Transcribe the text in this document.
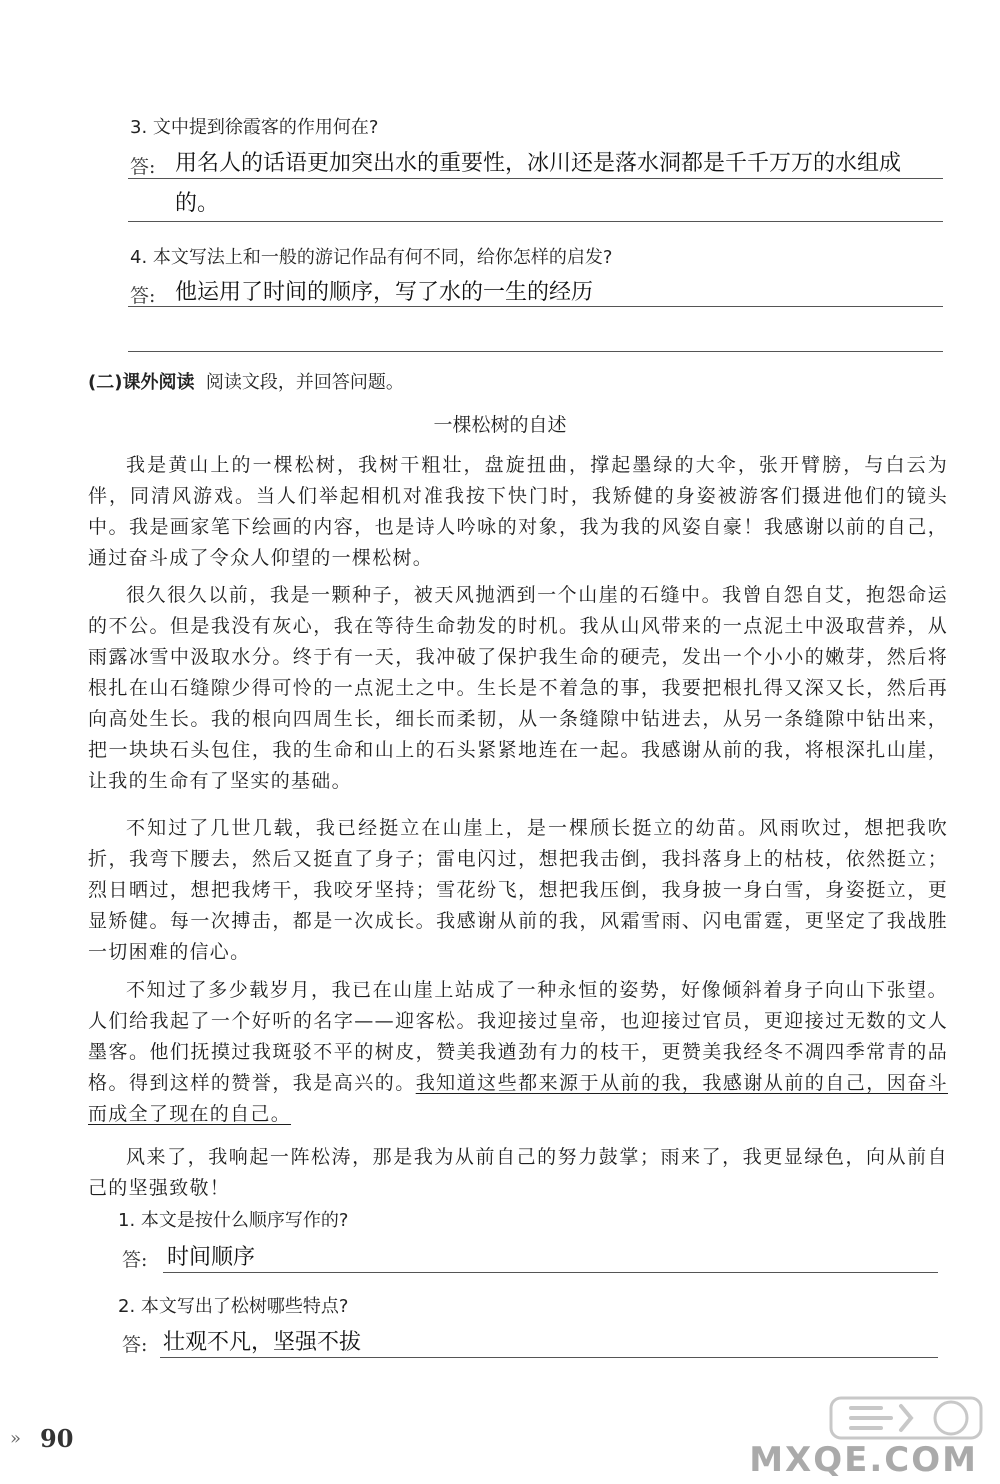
3. 文中提到徐霞客的作用何在?
答: 用名人的话语更加突出水的重要性，冰川还是落水洞都是千千万万的水组成
的。
4. 本文写法上和一般的游记作品有何不同，给你怎样的启发?
答: 他运用了时间的顺序，写了水的一生的经历
(二)课外阅读 阅读文段，并回答问题。
一棵松树的自述
我是黄山上的一棵松树，我树干粗壮，盘旋扭曲，撑起墨绿的大伞，张开臂膀，与白云为伴，同清风游戏。当人们举起相机对准我按下快门时，我矫健的身姿被游客们摄进他们的镜头中。我是画家笔下绘画的内容，也是诗人吟咏的对象，我为我的风姿自豪！我感谢以前的自己，通过奋斗成了令众人仰望的一棵松树。
很久很久以前，我是一颗种子，被天风抛洒到一个山崖的石缝中。我曾自怨自艾，抱怨命运的不公。但是我没有灰心，我在等待生命勃发的时机。我从山风带来的一点泥土中汲取营养，从雨露冰雪中汲取水分。终于有一天，我冲破了保护我生命的硬壳，发出一个小小的嫩芽，然后将根扎在山石缝隙少得可怜的一点泥土之中。生长是不着急的事，我要把根扎得又深又长，然后再向高处生长。我的根向四周生长，细长而柔韧，从一条缝隙中钻进去，从另一条缝隙中钻出来，把一块块石头包住，我的生命和山上的石头紧紧地连在一起。我感谢从前的我，将根深扎山崖，让我的生命有了坚实的基础。
不知过了几世几载，我已经挺立在山崖上，是一棵颀长挺立的幼苗。风雨吹过，想把我吹折，我弯下腰去，然后又挺直了身子；雷电闪过，想把我击倒，我抖落身上的枯枝，依然挺立；烈日晒过，想把我烤干，我咬牙坚持；雪花纷飞，想把我压倒，我身披一身白雪，身姿挺立，更显矫健。每一次搏击，都是一次成长。我感谢从前的我，风霜雪雨、闪电雷霆，更坚定了我战胜一切困难的信心。
不知过了多少载岁月，我已在山崖上站成了一种永恒的姿势，好像倾斜着身子向山下张望。人们给我起了一个好听的名字——迎客松。我迎接过皇帝，也迎接过官员，更迎接过无数的文人墨客。他们抚摸过我斑驳不平的树皮，赞美我遒劲有力的枝干，更赞美我经冬不凋四季常青的品格。得到这样的赞誉，我是高兴的。我知道这些都来源于从前的我，我感谢从前的自己，因奋斗而成全了现在的自己。
风来了，我响起一阵松涛，那是我为从前自己的努力鼓掌；雨来了，我更显绿色，向从前自己的坚强致敬！
1. 本文是按什么顺序写作的?
答: 时间顺序
2. 本文写出了松树哪些特点?
答: 壮观不凡，坚强不拔
» 90
MXQE.COM
